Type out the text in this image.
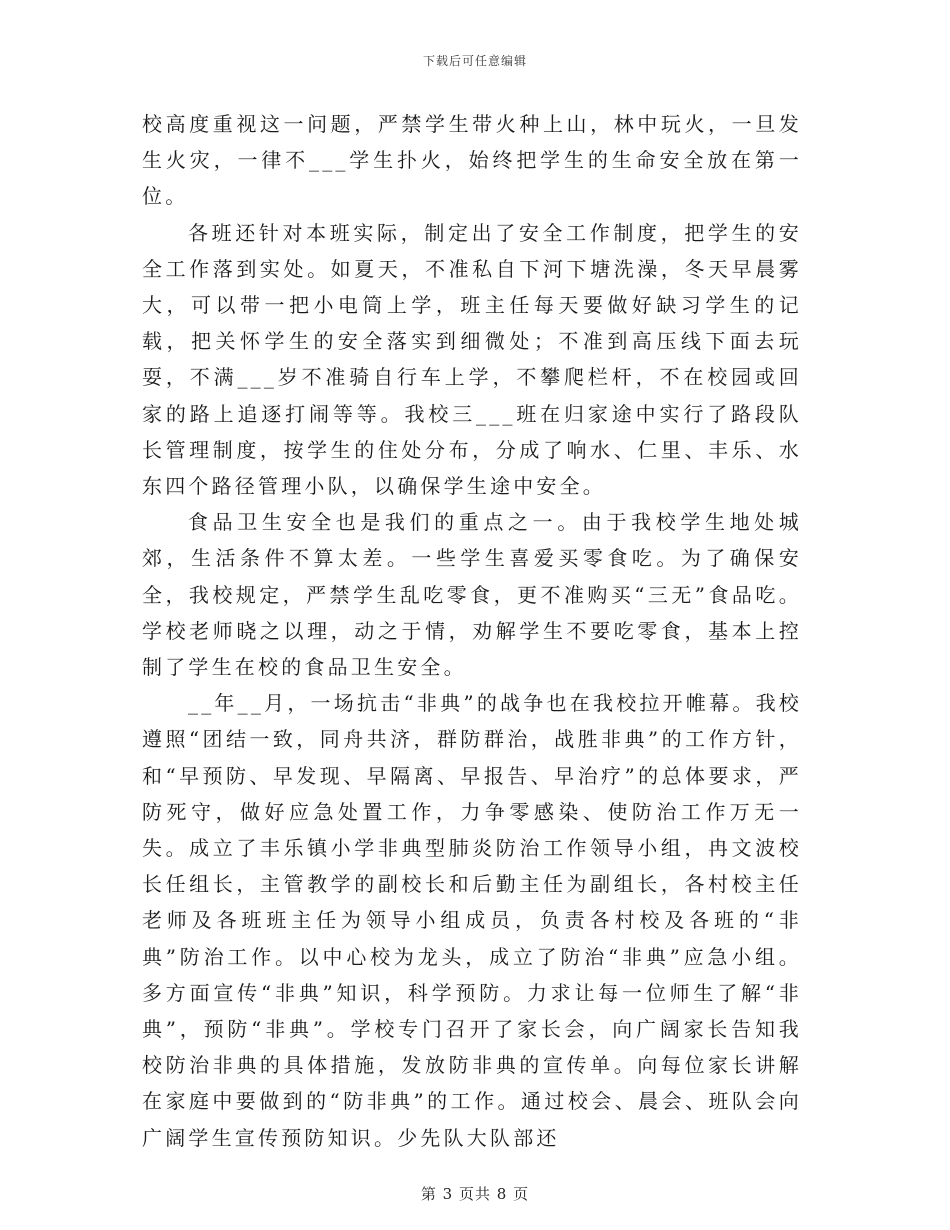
下载后可任意编辑

校高度重视这一问题，严禁学生带火种上山，林中玩火，一旦发生火灾，一律不___学生扑火，始终把学生的生命安全放在第一位。

各班还针对本班实际，制定出了安全工作制度，把学生的安全工作落到实处。如夏天，不准私自下河下塘洗澡，冬天早晨雾大，可以带一把小电筒上学，班主任每天要做好缺习学生的记载，把关怀学生的安全落实到细微处；不准到高压线下面去玩耍，不满___岁不准骑自行车上学，不攀爬栏杆，不在校园或回家的路上追逐打闹等等。我校三___班在归家途中实行了路段队长管理制度，按学生的住处分布，分成了响水、仁里、丰乐、水东四个路径管理小队，以确保学生途中安全。

食品卫生安全也是我们的重点之一。由于我校学生地处城郊，生活条件不算太差。一些学生喜爱买零食吃。为了确保安全，我校规定，严禁学生乱吃零食，更不准购买“三无”食品吃。学校老师晓之以理，动之于情，劝解学生不要吃零食，基本上控制了学生在校的食品卫生安全。

__年__月，一场抗击“非典”的战争也在我校拉开帷幕。我校遵照“团结一致，同舟共济，群防群治，战胜非典”的工作方针，和“早预防、早发现、早隔离、早报告、早治疗”的总体要求，严防死守，做好应急处置工作，力争零感染、使防治工作万无一失。成立了丰乐镇小学非典型肺炎防治工作领导小组，冉文波校长任组长，主管教学的副校长和后勤主任为副组长，各村校主任老师及各班班主任为领导小组成员，负责各村校及各班的“非典”防治工作。以中心校为龙头，成立了防治“非典”应急小组。多方面宣传“非典”知识，科学预防。力求让每一位师生了解“非典”，预防“非典”。学校专门召开了家长会，向广阔家长告知我校防治非典的具体措施，发放防非典的宣传单。向每位家长讲解在家庭中要做到的“防非典”的工作。通过校会、晨会、班队会向广阔学生宣传预防知识。少先队大队部还

第 3 页共 8 页
